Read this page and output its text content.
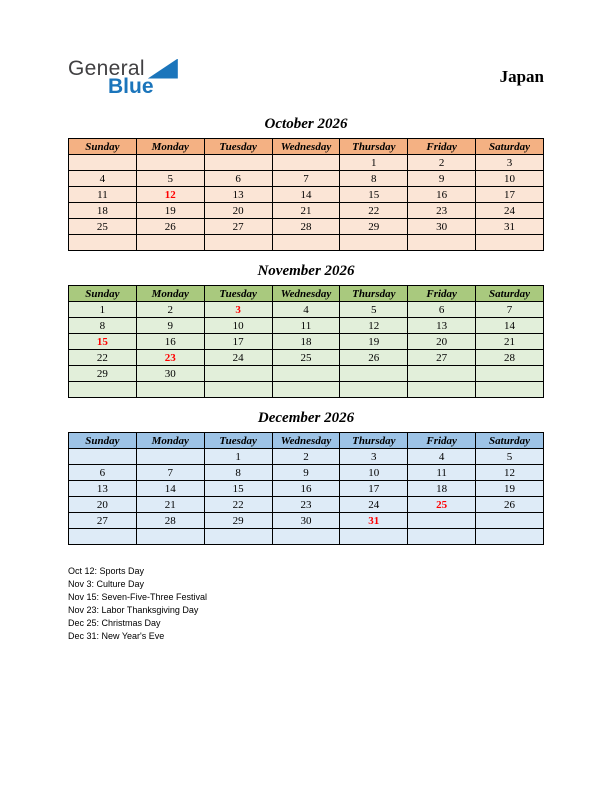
General
Blue	Japan
October 2026
Sunday	Monday	Tuesday	Wednesday	Thursday	Friday	Saturday
				1	2	3
4	5	6	7	8	9	10
11	12	13	14	15	16	17
18	19	20	21	22	23	24
25	26	27	28	29	30	31

November 2026
Sunday	Monday	Tuesday	Wednesday	Thursday	Friday	Saturday
1	2	3	4	5	6	7
8	9	10	11	12	13	14
15	16	17	18	19	20	21
22	23	24	25	26	27	28
29	30					

December 2026
Sunday	Monday	Tuesday	Wednesday	Thursday	Friday	Saturday
		1	2	3	4	5
6	7	8	9	10	11	12
13	14	15	16	17	18	19
20	21	22	23	24	25	26
27	28	29	30	31		

Oct 12: Sports Day
Nov 3: Culture Day
Nov 15: Seven-Five-Three Festival
Nov 23: Labor Thanksgiving Day
Dec 25: Christmas Day
Dec 31: New Year's Eve
